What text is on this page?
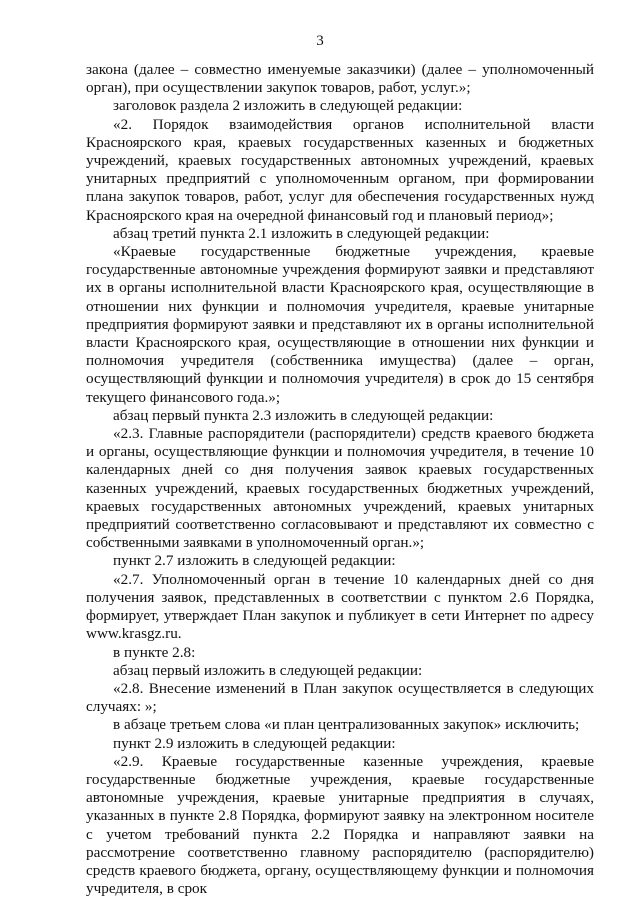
3

закона (далее – совместно именуемые заказчики) (далее – уполномоченный орган), при осуществлении закупок товаров, работ, услуг.»;

заголовок раздела 2 изложить в следующей редакции:

«2. Порядок взаимодействия органов исполнительной власти Красноярского края, краевых государственных казенных и бюджетных учреждений, краевых государственных автономных учреждений, краевых унитарных предприятий с уполномоченным органом, при формировании плана закупок товаров, работ, услуг для обеспечения государственных нужд Красноярского края на очередной финансовый год и плановый период»;

абзац третий пункта 2.1 изложить в следующей редакции:

«Краевые государственные бюджетные учреждения, краевые государственные автономные учреждения формируют заявки и представляют их в органы исполнительной власти Красноярского края, осуществляющие в отношении них функции и полномочия учредителя, краевые унитарные предприятия формируют заявки и представляют их в органы исполнительной власти Красноярского края, осуществляющие в отношении них функции и полномочия учредителя (собственника имущества) (далее – орган, осуществляющий функции и полномочия учредителя) в срок до 15 сентября текущего финансового года.»;

абзац первый пункта 2.3 изложить в следующей редакции:

«2.3. Главные распорядители (распорядители) средств краевого бюджета и органы, осуществляющие функции и полномочия учредителя, в течение 10 календарных дней со дня получения заявок краевых государственных казенных учреждений, краевых государственных бюджетных учреждений, краевых государственных автономных учреждений, краевых унитарных предприятий соответственно согласовывают и представляют их совместно с собственными заявками в уполномоченный орган.»;

пункт 2.7 изложить в следующей редакции:

«2.7. Уполномоченный орган в течение 10 календарных дней со дня получения заявок, представленных в соответствии с пунктом 2.6 Порядка, формирует, утверждает План закупок и публикует в сети Интернет по адресу www.krasgz.ru.

в пункте 2.8:

абзац первый изложить в следующей редакции:

«2.8. Внесение изменений в План закупок осуществляется в следующих случаях: »;

в абзаце третьем слова «и план централизованных закупок» исключить;

пункт 2.9 изложить в следующей редакции:

«2.9. Краевые государственные казенные учреждения, краевые государственные бюджетные учреждения, краевые государственные автономные учреждения, краевые унитарные предприятия в случаях, указанных в пункте 2.8 Порядка, формируют заявку на электронном носителе с учетом требований пункта 2.2 Порядка и направляют заявки на рассмотрение соответственно главному распорядителю (распорядителю) средств краевого бюджета, органу, осуществляющему функции и полномочия учредителя, в срок
